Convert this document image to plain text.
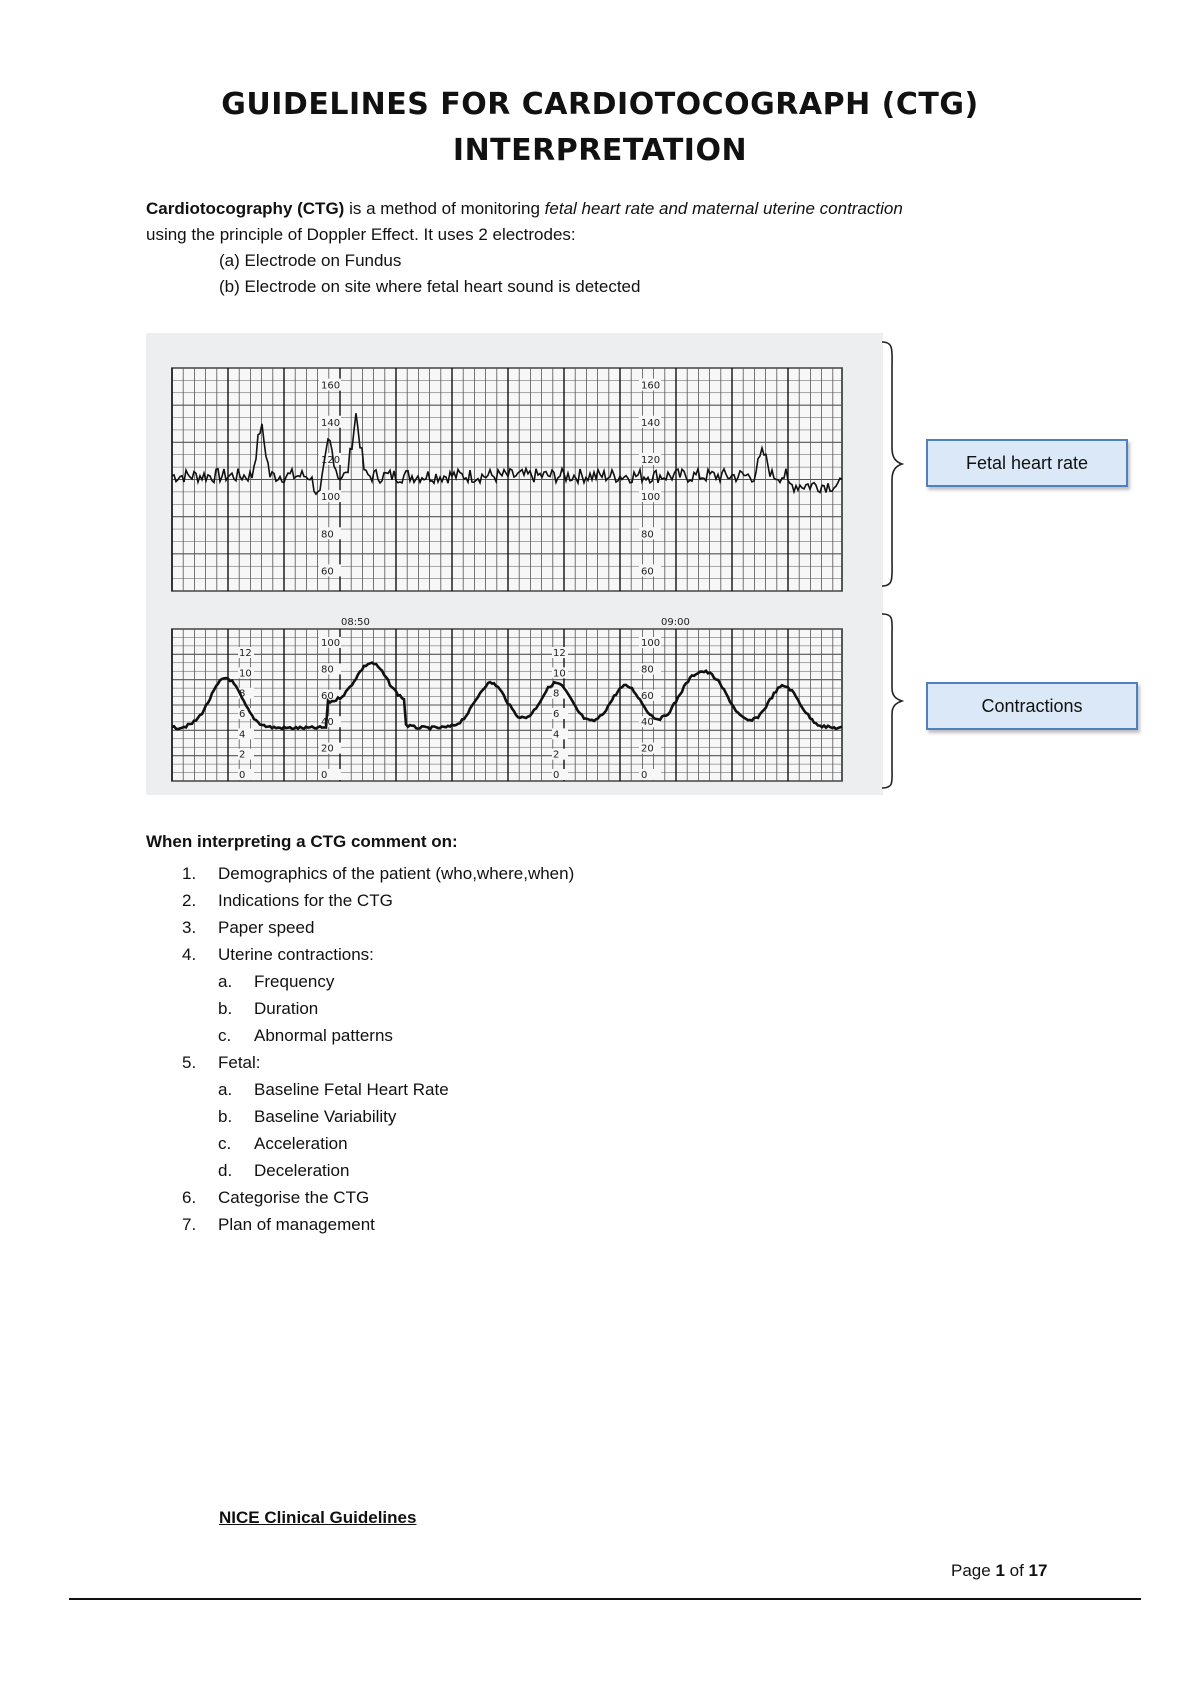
GUIDELINES FOR CARDIOTOCOGRAPH (CTG)
INTERPRETATION
Cardiotocography (CTG) is a method of monitoring fetal heart rate and maternal uterine contraction
using the principle of Doppler Effect. It uses 2 electrodes:
(a) Electrode on Fundus
(b) Electrode on site where fetal heart sound is detected
160
140
120
100
80
60
160
140
120
100
80
60
12	12
10	10
8	8
6	6
4	4
2	2
0	0
100	100
80	80
60	60
40	40
20	20
0	0
08:50	09:00
Fetal heart rate
Contractions
When interpreting a CTG comment on:
1. Demographics of the patient (who,where,when)
2. Indications for the CTG
3. Paper speed
4. Uterine contractions:
a. Frequency
b. Duration
c. Abnormal patterns
5. Fetal:
a. Baseline Fetal Heart Rate
b. Baseline Variability
c. Acceleration
d. Deceleration
6. Categorise the CTG
7. Plan of management
NICE Clinical Guidelines
Page 1 of 17
